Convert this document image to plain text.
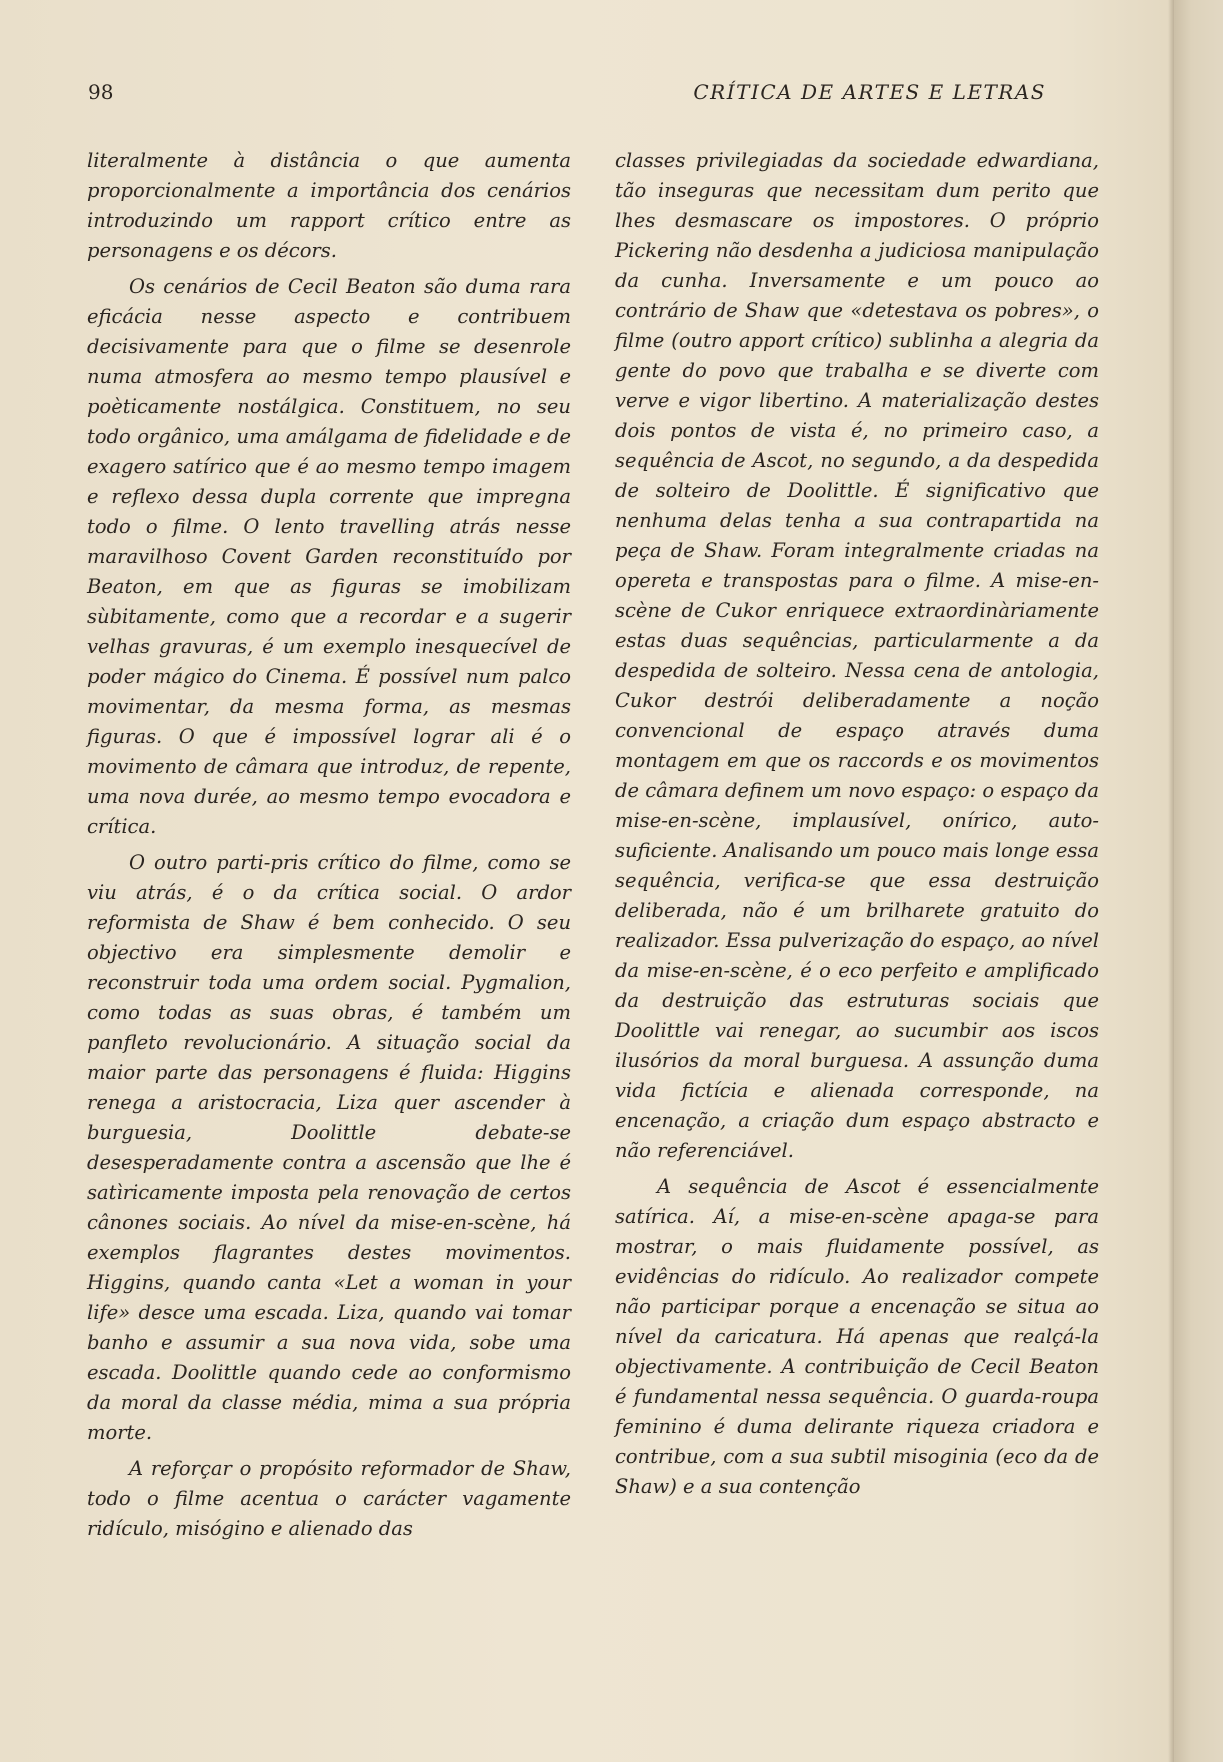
98	CRÍTICA DE ARTES E LETRAS

literalmente à distância o que aumenta proporcionalmente a importância dos cenários introduzindo um rapport crítico entre as personagens e os décors.

Os cenários de Cecil Beaton são duma rara eficácia nesse aspecto e contribuem decisivamente para que o filme se desenrole numa atmosfera ao mesmo tempo plausível e poèticamente nostálgica. Constituem, no seu todo orgânico, uma amálgama de fidelidade e de exagero satírico que é ao mesmo tempo imagem e reflexo dessa dupla corrente que impregna todo o filme. O lento travelling atrás nesse maravilhoso Covent Garden reconstituído por Beaton, em que as figuras se imobilizam sùbitamente, como que a recordar e a sugerir velhas gravuras, é um exemplo inesquecível de poder mágico do Cinema. É possível num palco movimentar, da mesma forma, as mesmas figuras. O que é impossível lograr ali é o movimento de câmara que introduz, de repente, uma nova durée, ao mesmo tempo evocadora e crítica.

O outro parti-pris crítico do filme, como se viu atrás, é o da crítica social. O ardor reformista de Shaw é bem conhecido. O seu objectivo era simplesmente demolir e reconstruir toda uma ordem social. Pygmalion, como todas as suas obras, é também um panfleto revolucionário. A situação social da maior parte das personagens é fluida: Higgins renega a aristocracia, Liza quer ascender à burguesia, Doolittle debate-se desesperadamente contra a ascensão que lhe é satìricamente imposta pela renovação de certos cânones sociais. Ao nível da mise-en-scène, há exemplos flagrantes destes movimentos. Higgins, quando canta «Let a woman in your life» desce uma escada. Liza, quando vai tomar banho e assumir a sua nova vida, sobe uma escada. Doolittle quando cede ao conformismo da moral da classe média, mima a sua própria morte.

A reforçar o propósito reformador de Shaw, todo o filme acentua o carácter vagamente ridículo, misógino e alienado das

classes privilegiadas da sociedade edwardiana, tão inseguras que necessitam dum perito que lhes desmascare os impostores. O próprio Pickering não desdenha a judiciosa manipulação da cunha. Inversamente e um pouco ao contrário de Shaw que «detestava os pobres», o filme (outro apport crítico) sublinha a alegria da gente do povo que trabalha e se diverte com verve e vigor libertino. A materialização destes dois pontos de vista é, no primeiro caso, a sequência de Ascot, no segundo, a da despedida de solteiro de Doolittle. É significativo que nenhuma delas tenha a sua contrapartida na peça de Shaw. Foram integralmente criadas na opereta e transpostas para o filme. A mise-en-scène de Cukor enriquece extraordinàriamente estas duas sequências, particularmente a da despedida de solteiro. Nessa cena de antologia, Cukor destrói deliberadamente a noção convencional de espaço através duma montagem em que os raccords e os movimentos de câmara definem um novo espaço: o espaço da mise-en-scène, implausível, onírico, auto-suficiente. Analisando um pouco mais longe essa sequência, verifica-se que essa destruição deliberada, não é um brilharete gratuito do realizador. Essa pulverização do espaço, ao nível da mise-en-scène, é o eco perfeito e amplificado da destruição das estruturas sociais que Doolittle vai renegar, ao sucumbir aos iscos ilusórios da moral burguesa. A assunção duma vida fictícia e alienada corresponde, na encenação, a criação dum espaço abstracto e não referenciável.

A sequência de Ascot é essencialmente satírica. Aí, a mise-en-scène apaga-se para mostrar, o mais fluidamente possível, as evidências do ridículo. Ao realizador compete não participar porque a encenação se situa ao nível da caricatura. Há apenas que realçá-la objectivamente. A contribuição de Cecil Beaton é fundamental nessa sequência. O guarda-roupa feminino é duma delirante riqueza criadora e contribue, com a sua subtil misoginia (eco da de Shaw) e a sua contenção
